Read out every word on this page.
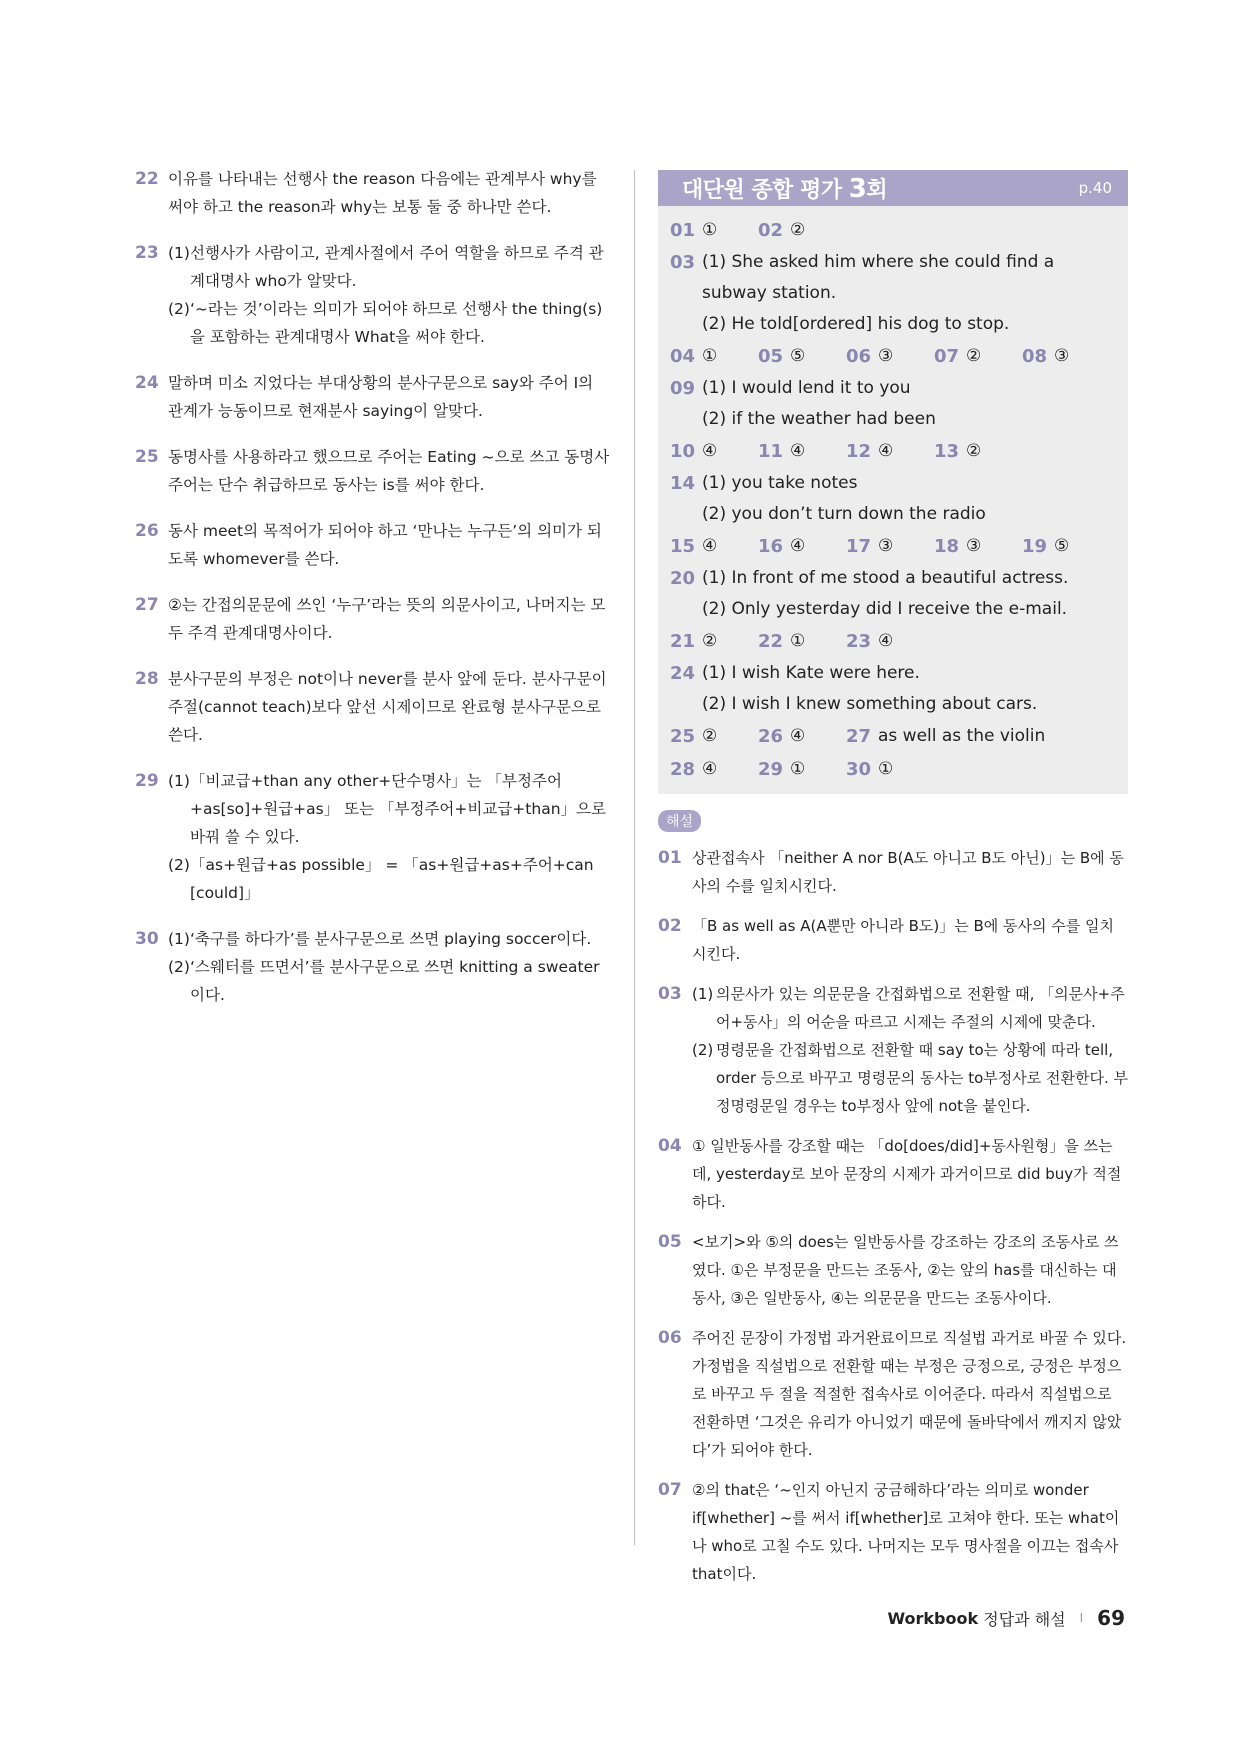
22 이유를 나타내는 선행사 the reason 다음에는 관계부사 why를 써야 하고 the reason과 why는 보통 둘 중 하나만 쓴다.
23 (1) 선행사가 사람이고, 관계사절에서 주어 역할을 하므로 주격 관계대명사 who가 알맞다.
(2) ‘~라는 것’이라는 의미가 되어야 하므로 선행사 the thing(s)을 포함하는 관계대명사 What을 써야 한다.
24 말하며 미소 지었다는 부대상황의 분사구문으로 say와 주어 I의 관계가 능동이므로 현재분사 saying이 알맞다.
25 동명사를 사용하라고 했으므로 주어는 Eating ~으로 쓰고 동명사 주어는 단수 취급하므로 동사는 is를 써야 한다.
26 동사 meet의 목적어가 되어야 하고 ‘만나는 누구든’의 의미가 되도록 whomever를 쓴다.
27 ②는 간접의문문에 쓰인 ‘누구’라는 뜻의 의문사이고, 나머지는 모두 주격 관계대명사이다.
28 분사구문의 부정은 not이나 never를 분사 앞에 둔다. 분사구문이 주절(cannot teach)보다 앞선 시제이므로 완료형 분사구문으로 쓴다.
29 (1) 「비교급+than any other+단수명사」는 「부정주어+as[so]+원급+as」 또는 「부정주어+비교급+than」으로 바꿔 쓸 수 있다.
(2) 「as+원급+as possible」 = 「as+원급+as+주어+can [could]」
30 (1) ‘축구를 하다가’를 분사구문으로 쓰면 playing soccer이다.
(2) ‘스웨터를 뜨면서’를 분사구문으로 쓰면 knitting a sweater이다.
대단원 종합 평가 3회	p.40
01 ① 02 ②
03 (1) She asked him where she could find a subway station.
(2) He told[ordered] his dog to stop.
04 ① 05 ⑤ 06 ③ 07 ② 08 ③
09 (1) I would lend it to you
(2) if the weather had been
10 ④ 11 ④ 12 ④ 13 ②
14 (1) you take notes
(2) you don’t turn down the radio
15 ④ 16 ④ 17 ③ 18 ③ 19 ⑤
20 (1) In front of me stood a beautiful actress.
(2) Only yesterday did I receive the e-mail.
21 ② 22 ① 23 ④
24 (1) I wish Kate were here.
(2) I wish I knew something about cars.
25 ② 26 ④ 27 as well as the violin
28 ④ 29 ① 30 ①
해설
01 상관접속사 「neither A nor B(A도 아니고 B도 아닌)」는 B에 동사의 수를 일치시킨다.
02 「B as well as A(A뿐만 아니라 B도)」는 B에 동사의 수를 일치시킨다.
03 (1) 의문사가 있는 의문문을 간접화법으로 전환할 때, 「의문사+주어+동사」의 어순을 따르고 시제는 주절의 시제에 맞춘다.
(2) 명령문을 간접화법으로 전환할 때 say to는 상황에 따라 tell, order 등으로 바꾸고 명령문의 동사는 to부정사로 전환한다. 부정명령문일 경우는 to부정사 앞에 not을 붙인다.
04 ① 일반동사를 강조할 때는 「do[does/did]+동사원형」을 쓰는데, yesterday로 보아 문장의 시제가 과거이므로 did buy가 적절하다.
05 <보기>와 ⑤의 does는 일반동사를 강조하는 강조의 조동사로 쓰였다. ①은 부정문을 만드는 조동사, ②는 앞의 has를 대신하는 대동사, ③은 일반동사, ④는 의문문을 만드는 조동사이다.
06 주어진 문장이 가정법 과거완료이므로 직설법 과거로 바꿀 수 있다. 가정법을 직설법으로 전환할 때는 부정은 긍정으로, 긍정은 부정으로 바꾸고 두 절을 적절한 접속사로 이어준다. 따라서 직설법으로 전환하면 ‘그것은 유리가 아니었기 때문에 돌바닥에서 깨지지 않았다’가 되어야 한다.
07 ②의 that은 ‘~인지 아닌지 궁금해하다’라는 의미로 wonder if[whether] ~를 써서 if[whether]로 고쳐야 한다. 또는 what이나 who로 고칠 수도 있다. 나머지는 모두 명사절을 이끄는 접속사 that이다.
Workbook
정답과 해설 I 69
